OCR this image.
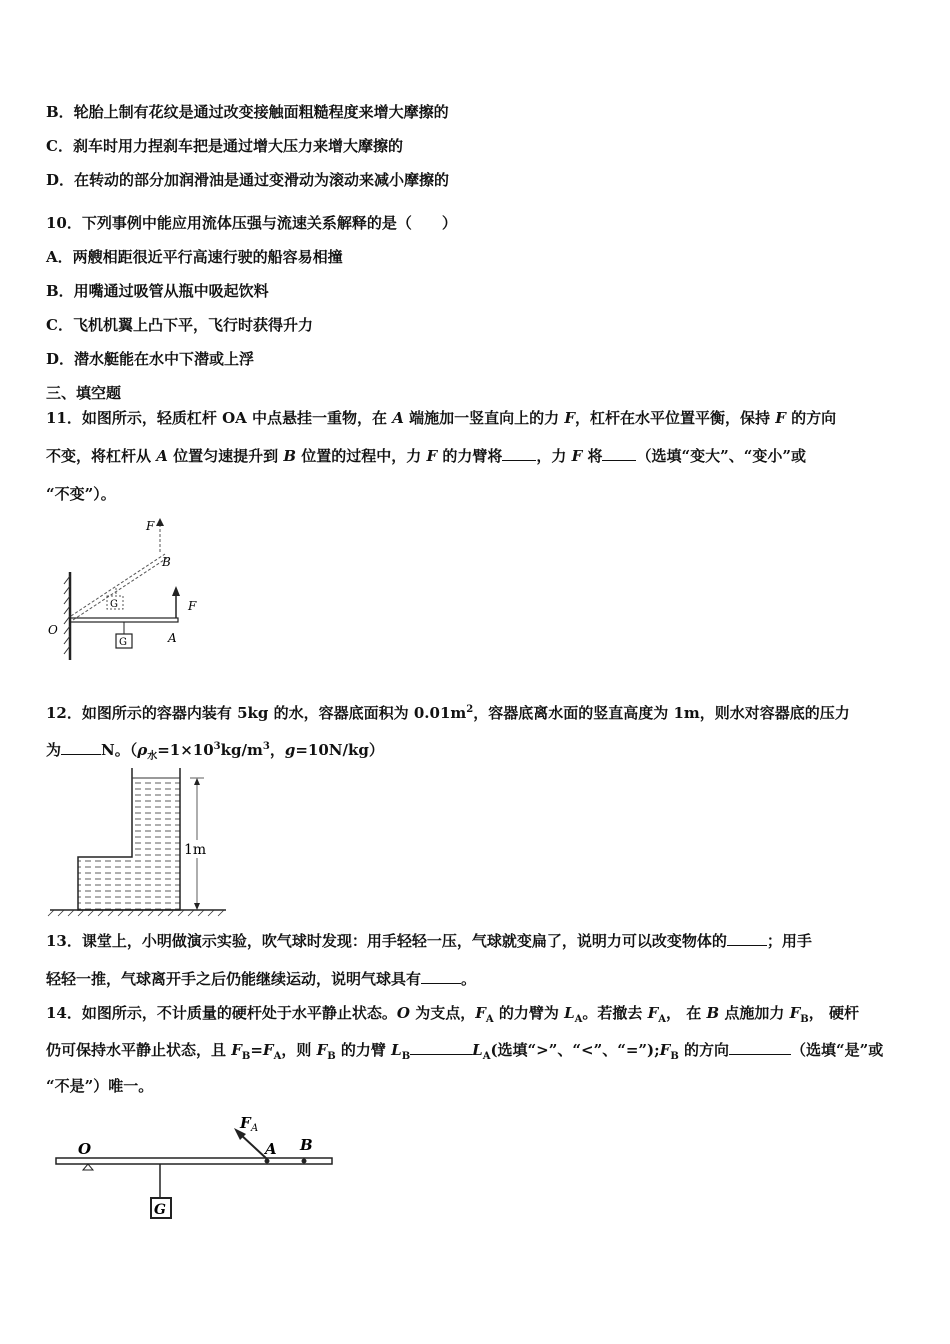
B．轮胎上制有花纹是通过改变接触面粗糙程度来增大摩擦的
C．刹车时用力捏刹车把是通过增大压力来增大摩擦的
D．在转动的部分加润滑油是通过变滑动为滚动来减小摩擦的
10．下列事例中能应用流体压强与流速关系解释的是（　　）
A．两艘相距很近平行高速行驶的船容易相撞
B．用嘴通过吸管从瓶中吸起饮料
C．飞机机翼上凸下平，飞行时获得升力
D．潜水艇能在水中下潜或上浮
三、填空题
11．如图所示，轻质杠杆 OA 中点悬挂一重物，在 A 端施加一竖直向上的力 F，杠杆在水平位置平衡，保持 F 的方向
不变，将杠杆从 A 位置匀速提升到 B 位置的过程中，力 F 的力臂将 ，力 F 将 （选填“变大”、“变小”或
“不变”）。
F
B
G	F
O
G	A
12．如图所示的容器内装有 5kg 的水，容器底面积为 $0.01m^2$，容器底离水面的竖直高度为 1m，则水对容器底的压力
为	N。（$\rho_水=1\times 10^3kg/m^3$，g=10N/kg）
1m
13．课堂上，小明做演示实验，吹气球时发现：用手轻轻一压，气球就变扁了，说明力可以改变物体的	；用手
轻轻一推，气球离开手之后仍能继续运动，说明气球具有	。
14．如图所示，不计质量的硬杆处于水平静止状态。O 为支点，$F_A$ 的力臂为 $L_A$。若撤去 $F_A$， 在 B 点施加力 $F_B$， 硬杆
仍可保持水平静止状态，且 $F_B=F_A$，则 $F_B$ 的力臂 $L_B$	$L_A$(选填“>”、“<”、“$=”);F_B$ 的方向	（选填“是”或
“不是”）唯一。
O
F A
A B
G
